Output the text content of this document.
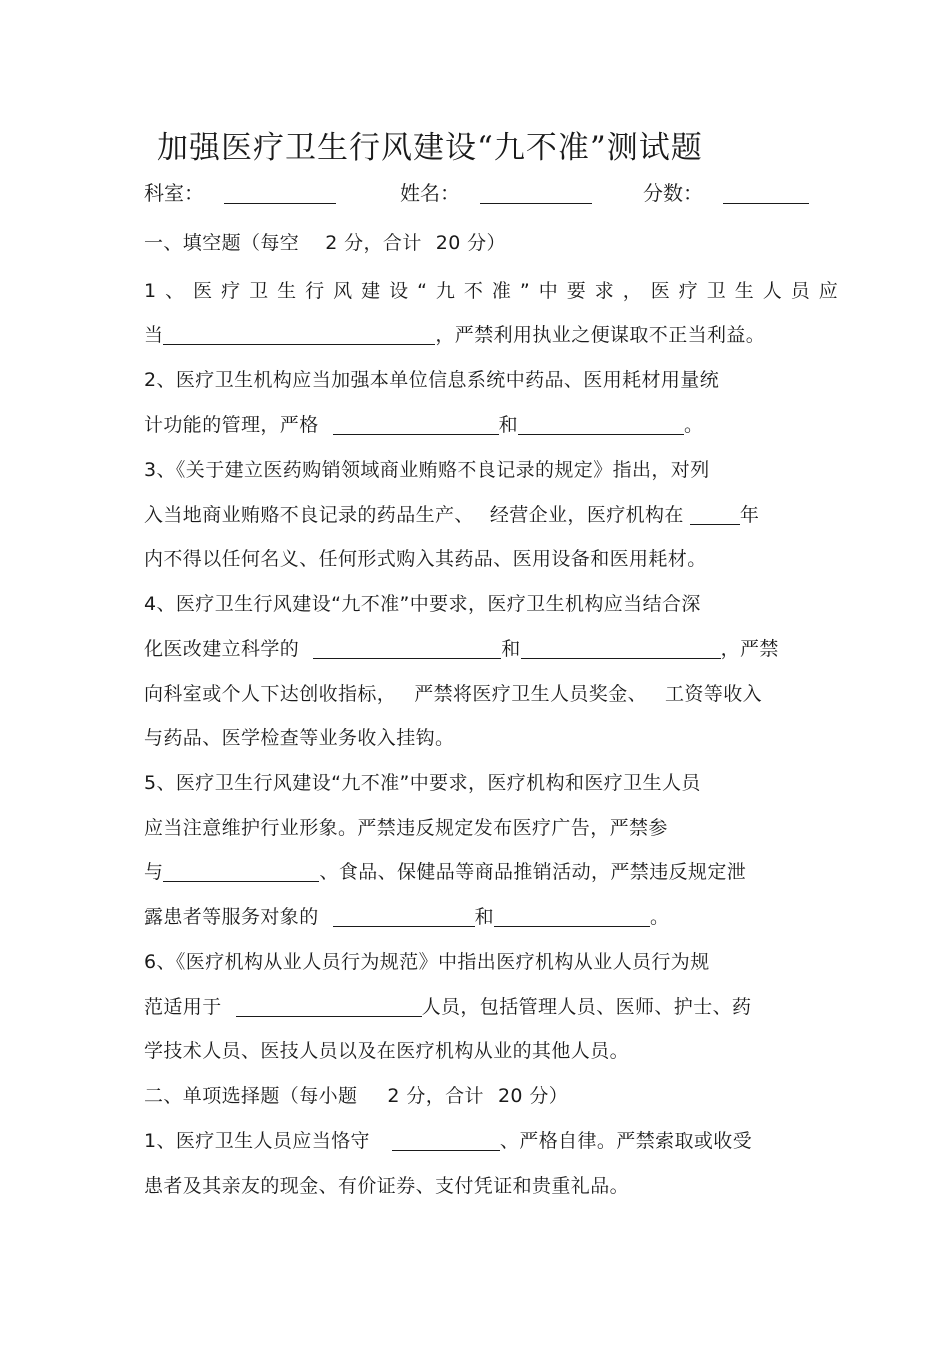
加强医疗卫生行风建设“九不准”测试题
科室：	姓名：	分数：
一、填空题（每空 2 分，合计 20 分）
1、医疗卫生行风建设“九不准”中要求，医疗卫生人员应
当	，严禁利用执业之便谋取不正当利益。
2、医疗卫生机构应当加强本单位信息系统中药品、医用耗材用量统
计功能的管理，严格	和	。
3、《关于建立医药购销领域商业贿赂不良记录的规定》指出，对列
入当地商业贿赂不良记录的药品生产、 经营企业，医疗机构在	年
内不得以任何名义、任何形式购入其药品、医用设备和医用耗材。
4、医疗卫生行风建设“九不准”中要求，医疗卫生机构应当结合深
化医改建立科学的	和	，严禁
向科室或个人下达创收指标， 严禁将医疗卫生人员奖金、 工资等收入
与药品、医学检查等业务收入挂钩。
5、医疗卫生行风建设“九不准”中要求，医疗机构和医疗卫生人员
应当注意维护行业形象。严禁违反规定发布医疗广告，严禁参
与	、食品、保健品等商品推销活动，严禁违反规定泄
露患者等服务对象的	和	。
6、《医疗机构从业人员行为规范》中指出医疗机构从业人员行为规
范适用于	人员，包括管理人员、医师、护士、药
学技术人员、医技人员以及在医疗机构从业的其他人员。
二、单项选择题（每小题 2 分，合计 20 分）
1、医疗卫生人员应当恪守	、严格自律。严禁索取或收受
患者及其亲友的现金、有价证券、支付凭证和贵重礼品。
